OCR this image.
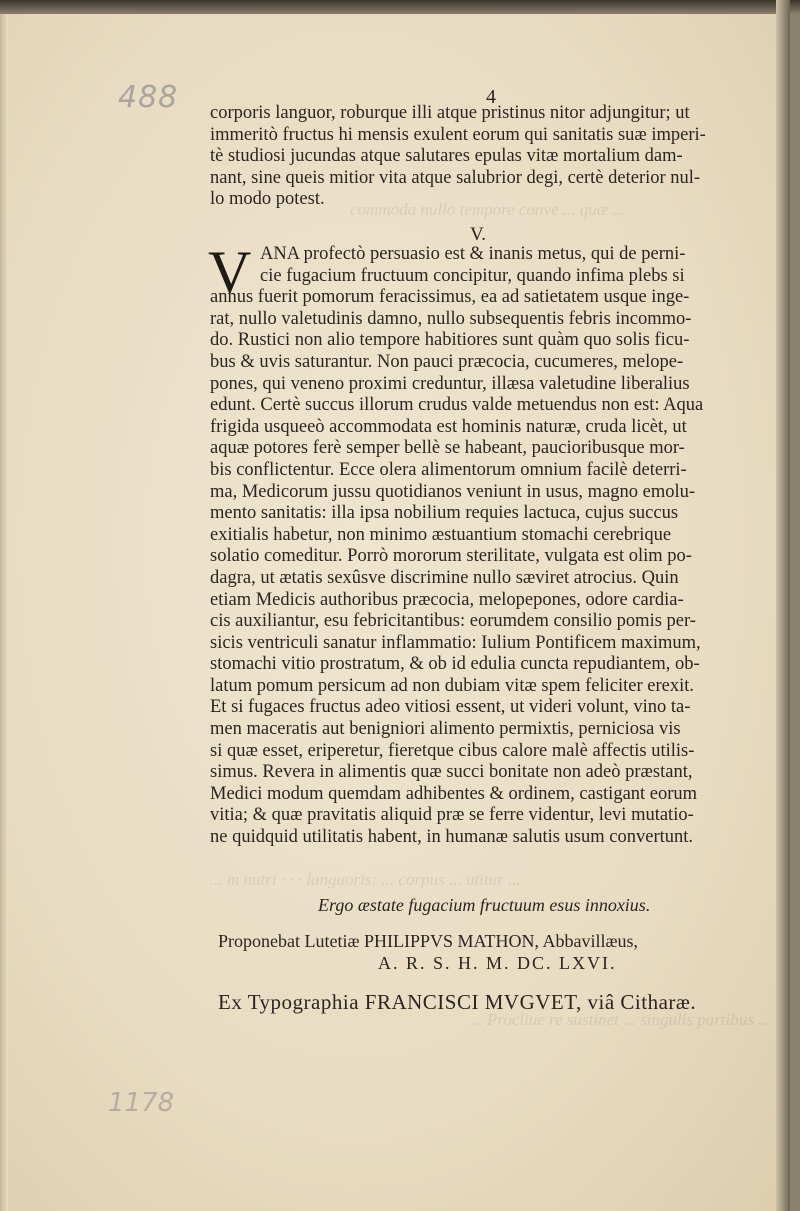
488	4
commoda nullo tempore conve ... quæ ...
... m nutri · · · languoris: ... corpus ... utitur ...
... Procliue re sustinet ... singulis partibus ...
corporis languor, roburque illi atque pristinus nitor adjungitur; ut
immeritò fructus hi mensis exulent eorum qui sanitatis suæ imperi-
tè studiosi jucundas atque salutares epulas vitæ mortalium dam-
nant, sine queis mitior vita atque salubrior degi, certè deterior nul-
lo modo potest.
V.
V ANA profectò persuasio est & inanis metus, qui de perni-
cie fugacium fructuum concipitur, quando infima plebs si
annus fuerit pomorum feracissimus, ea ad satietatem usque inge-
rat, nullo valetudinis damno, nullo subsequentis febris incommo-
do. Rustici non alio tempore habitiores sunt quàm quo solis ficu-
bus & uvis saturantur. Non pauci præcocia, cucumeres, melope-
pones, qui veneno proximi creduntur, illæsa valetudine liberalius
edunt. Certè succus illorum crudus valde metuendus non est: Aqua
frigida usqueeò accommodata est hominis naturæ, cruda licèt, ut
aquæ potores ferè semper bellè se habeant, paucioribusque mor-
bis conflictentur. Ecce olera alimentorum omnium facilè deterri-
ma, Medicorum jussu quotidianos veniunt in usus, magno emolu-
mento sanitatis: illa ipsa nobilium requies lactuca, cujus succus
exitialis habetur, non minimo æstuantium stomachi cerebrique
solatio comeditur. Porrò mororum sterilitate, vulgata est olim po-
dagra, ut ætatis sexûsve discrimine nullo sæviret atrocius. Quin
etiam Medicis authoribus præcocia, melopepones, odore cardia-
cis auxiliantur, esu febricitantibus: eorumdem consilio pomis per-
sicis ventriculi sanatur inflammatio: Iulium Pontificem maximum,
stomachi vitio prostratum, & ob id edulia cuncta repudiantem, ob-
latum pomum persicum ad non dubiam vitæ spem feliciter erexit.
Et si fugaces fructus adeo vitiosi essent, ut videri volunt, vino ta-
men maceratis aut benigniori alimento permixtis, perniciosa vis
si quæ esset, eriperetur, fieretque cibus calore malè affectis utilis-
simus. Revera in alimentis quæ succi bonitate non adeò præstant,
Medici modum quemdam adhibentes & ordinem, castigant eorum
vitia; & quæ pravitatis aliquid præ se ferre videntur, levi mutatio-
ne quidquid utilitatis habent, in humanæ salutis usum convertunt.
Ergo æstate fugacium fructuum esus innoxius.
Proponebat Lutetiæ PHILIPPVS MATHON, Abbavillæus,
A. R. S. H. M. DC. LXVI.
Ex Typographia FRANCISCI MVGVET, viâ Citharæ.
1178
